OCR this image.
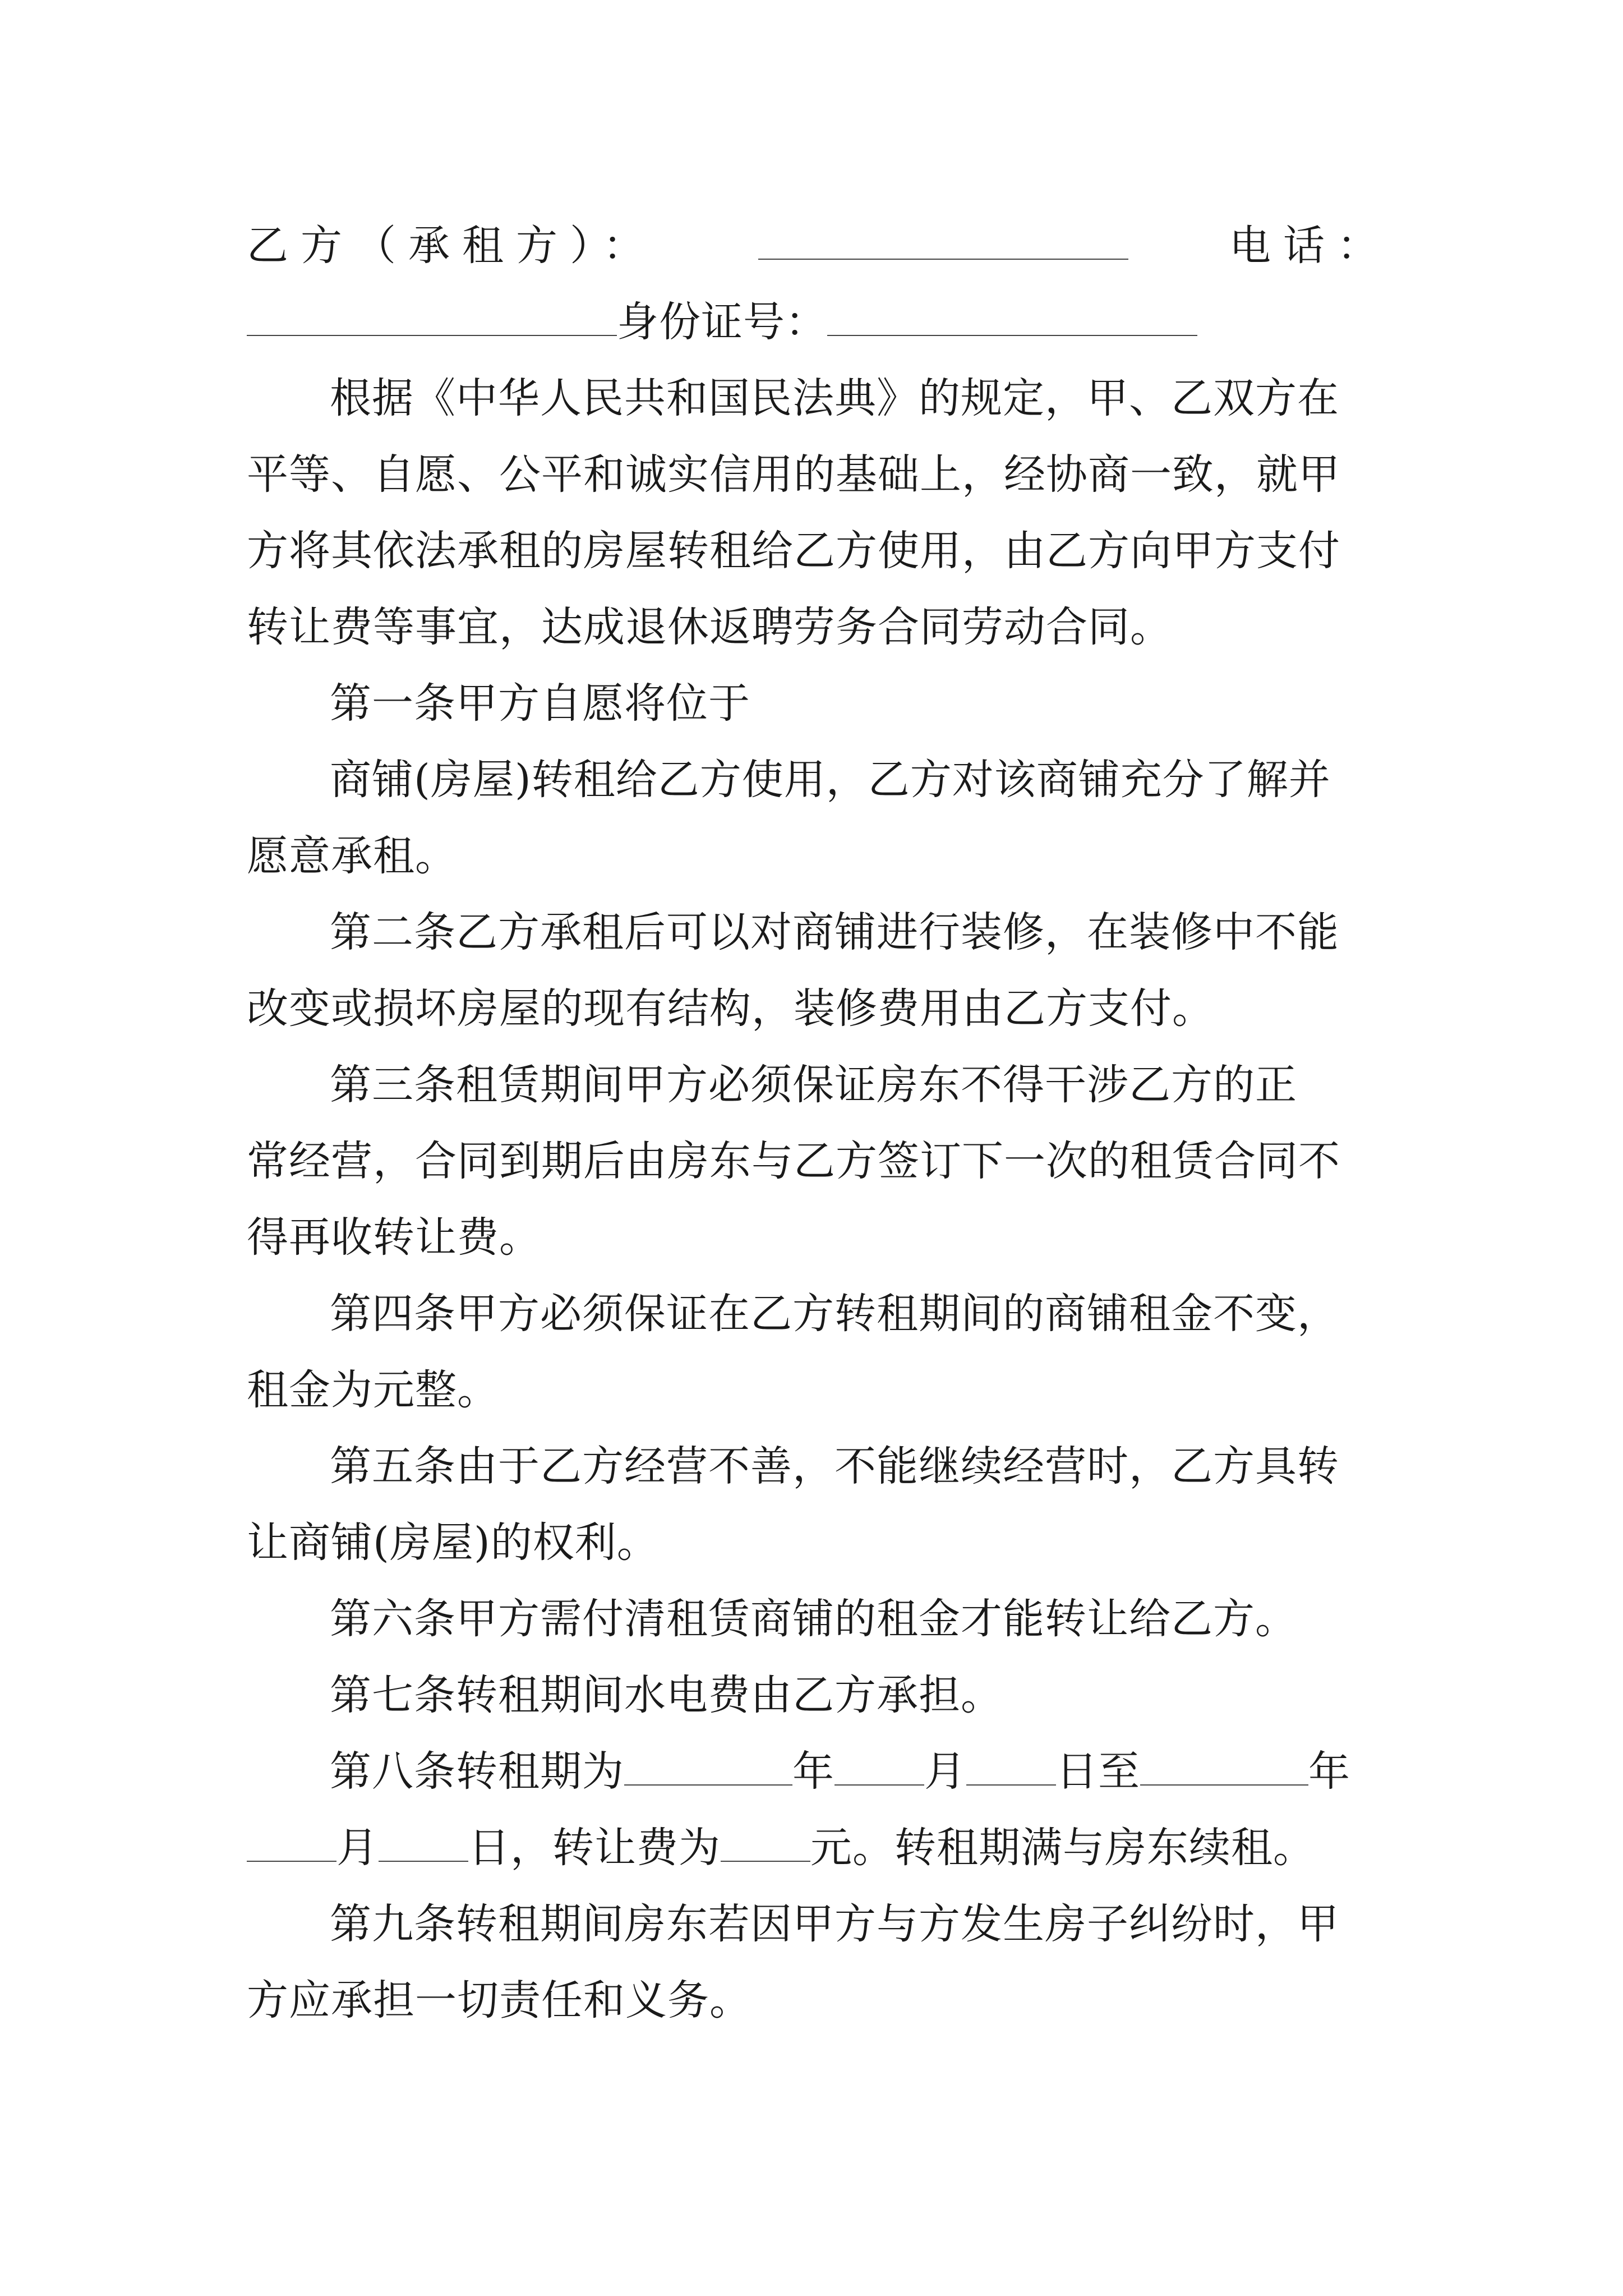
乙方（承租方）：	电话：
身份证号：
根据《中华人民共和国民法典》的规定，甲、乙双方在
平等、自愿、公平和诚实信用的基础上，经协商一致，就甲
方将其依法承租的房屋转租给乙方使用，由乙方向甲方支付
转让费等事宜，达成退休返聘劳务合同劳动合同。
第一条甲方自愿将位于
商铺(房屋)转租给乙方使用，乙方对该商铺充分了解并
愿意承租。
第二条乙方承租后可以对商铺进行装修，在装修中不能
改变或损坏房屋的现有结构，装修费用由乙方支付。
第三条租赁期间甲方必须保证房东不得干涉乙方的正
常经营，合同到期后由房东与乙方签订下一次的租赁合同不
得再收转让费。
第四条甲方必须保证在乙方转租期间的商铺租金不变，
租金为元整。
第五条由于乙方经营不善，不能继续经营时，乙方具转
让商铺(房屋)的权利。
第六条甲方需付清租赁商铺的租金才能转让给乙方。
第七条转租期间水电费由乙方承担。
第八条转租期为	年 月 日至	年
月 日，转让费为 元。转租期满与房东续租。
第九条转租期间房东若因甲方与方发生房子纠纷时，甲
方应承担一切责任和义务。
